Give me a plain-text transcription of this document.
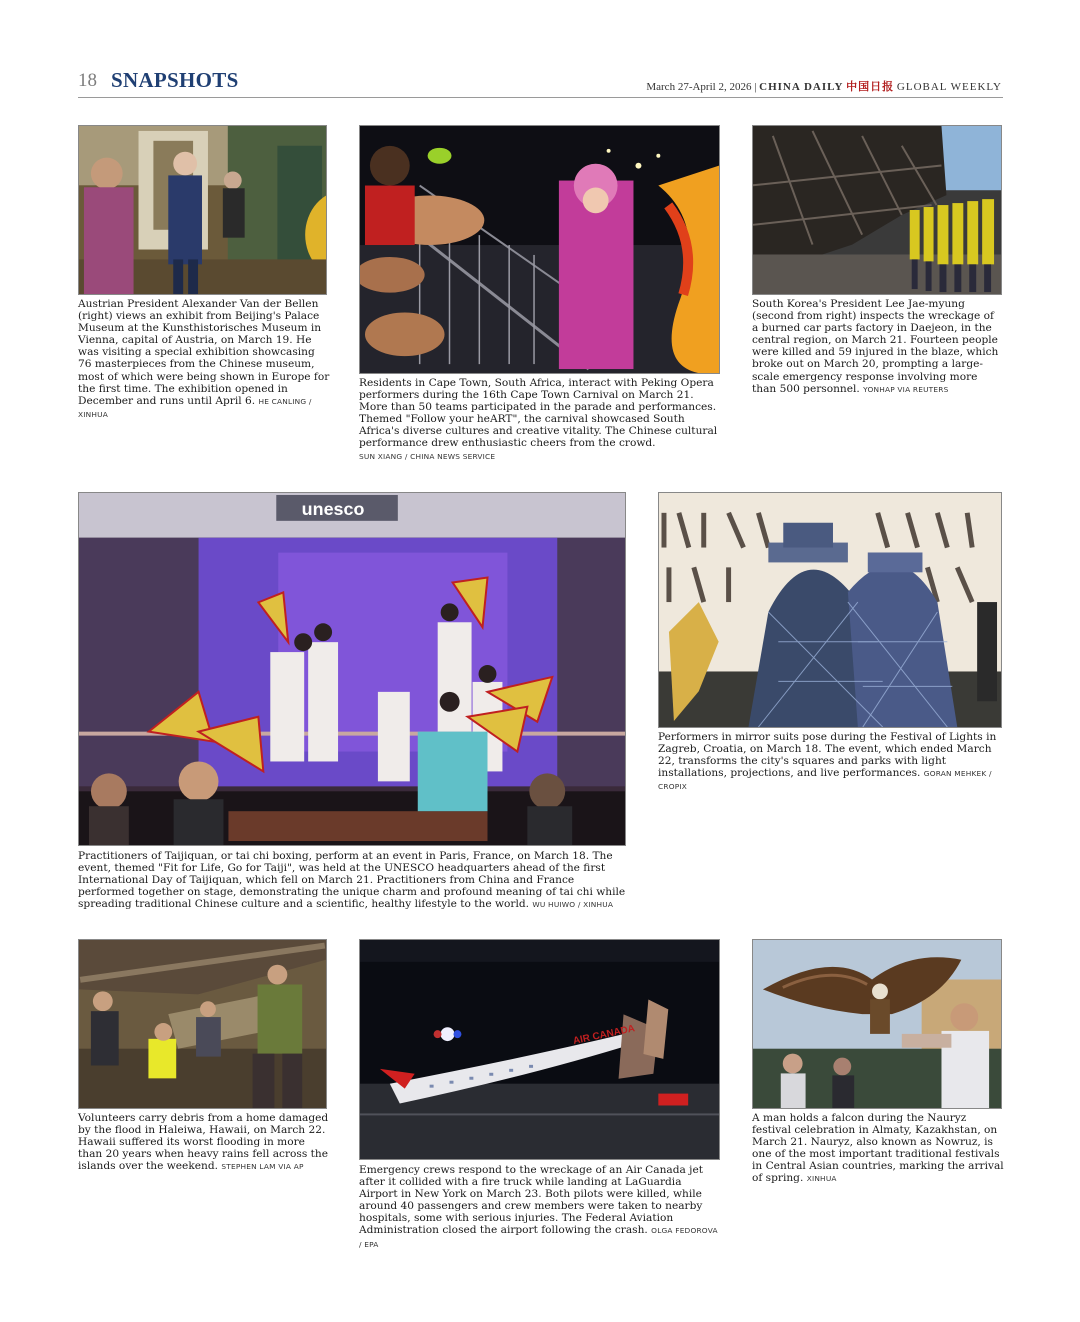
18 SNAPSHOTS	March 27-April 2, 2026 | CHINA DAILY 中国日报 GLOBAL WEEKLY
Austrian President Alexander Van der Bellen (right) views an exhibit from Beijing's Palace Museum at the Kunsthistorisches Museum in Vienna, capital of Austria, on March 19. He was visiting a special exhibition showcasing 76 masterpieces from the Chinese museum, most of which were being shown in Europe for the first time. The exhibition opened in December and runs until April 6. HE CANLING / XINHUA
Residents in Cape Town, South Africa, interact with Peking Opera performers during the 16th Cape Town Carnival on March 21. More than 50 teams participated in the parade and performances. Themed "Follow your heART", the carnival showcased South Africa's diverse cultures and creative vitality. The Chinese cultural performance drew enthusiastic cheers from the crowd.
SUN XIANG / CHINA NEWS SERVICE
South Korea's President Lee Jae-myung (second from right) inspects the wreckage of a burned car parts factory in Daejeon, in the central region, on March 21. Fourteen people were killed and 59 injured in the blaze, which broke out on March 20, prompting a large-scale emergency response involving more than 500 personnel. YONHAP VIA REUTERS
unesco
Practitioners of Taijiquan, or tai chi boxing, perform at an event in Paris, France, on March 18. The event, themed "Fit for Life, Go for Taiji", was held at the UNESCO headquarters ahead of the first International Day of Taijiquan, which fell on March 21. Practitioners from China and France performed together on stage, demonstrating the unique charm and profound meaning of tai chi while spreading traditional Chinese culture and a scientific, healthy lifestyle to the world. WU HUIWO / XINHUA
Performers in mirror suits pose during the Festival of Lights in Zagreb, Croatia, on March 18. The event, which ended March 22, transforms the city's squares and parks with light installations, projections, and live performances. GORAN MEHKEK / CROPIX
Volunteers carry debris from a home damaged by the flood in Haleiwa, Hawaii, on March 22. Hawaii suffered its worst flooding in more than 20 years when heavy rains fell across the islands over the weekend. STEPHEN LAM VIA AP
AIR CANADA
Emergency crews respond to the wreckage of an Air Canada jet after it collided with a fire truck while landing at LaGuardia Airport in New York on March 23. Both pilots were killed, while around 40 passengers and crew members were taken to nearby hospitals, some with serious injuries. The Federal Aviation Administration closed the airport following the crash. OLGA FEDOROVA / EPA
A man holds a falcon during the Nauryz festival celebration in Almaty, Kazakhstan, on March 21. Nauryz, also known as Nowruz, is one of the most important traditional festivals in Central Asian countries, marking the arrival of spring. XINHUA
